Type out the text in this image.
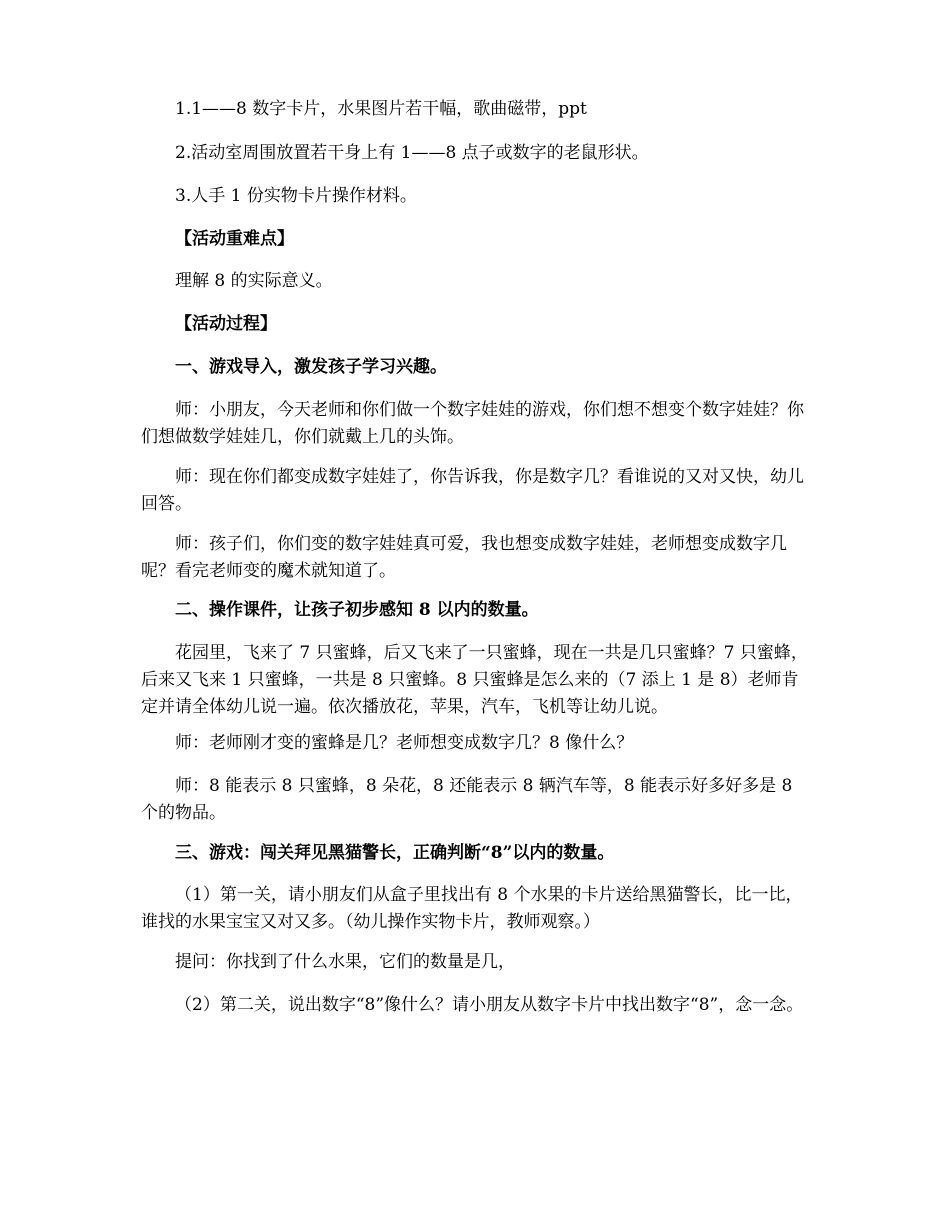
1.1——8 数字卡片，水果图片若干幅，歌曲磁带，ppt

2.活动室周围放置若干身上有 1——8 点子或数字的老鼠形状。

3.人手 1 份实物卡片操作材料。

【活动重难点】

理解 8 的实际意义。

【活动过程】

一、游戏导入，激发孩子学习兴趣。

师：小朋友，今天老师和你们做一个数字娃娃的游戏，你们想不想变个数字娃娃？你们想做数学娃娃几，你们就戴上几的头饰。

师：现在你们都变成数字娃娃了，你告诉我，你是数字几？看谁说的又对又快，幼儿回答。

师：孩子们，你们变的数字娃娃真可爱，我也想变成数字娃娃，老师想变成数字几呢？看完老师变的魔术就知道了。

二、操作课件，让孩子初步感知 8 以内的数量。

花园里，飞来了 7 只蜜蜂，后又飞来了一只蜜蜂，现在一共是几只蜜蜂？7 只蜜蜂，后来又飞来 1 只蜜蜂，一共是 8 只蜜蜂。8 只蜜蜂是怎么来的（7 添上 1 是 8）老师肯定并请全体幼儿说一遍。依次播放花，苹果，汽车，飞机等让幼儿说。

师：老师刚才变的蜜蜂是几？老师想变成数字几？8 像什么？

师：8 能表示 8 只蜜蜂，8 朵花，8 还能表示 8 辆汽车等，8 能表示好多好多是 8 个的物品。

三、游戏：闯关拜见黑猫警长，正确判断“8”以内的数量。

（1）第一关，请小朋友们从盒子里找出有 8 个水果的卡片送给黑猫警长，比一比，谁找的水果宝宝又对又多。（幼儿操作实物卡片，教师观察。）

提问：你找到了什么水果，它们的数量是几，

（2）第二关，说出数字“8”像什么？请小朋友从数字卡片中找出数字“8”，念一念。
